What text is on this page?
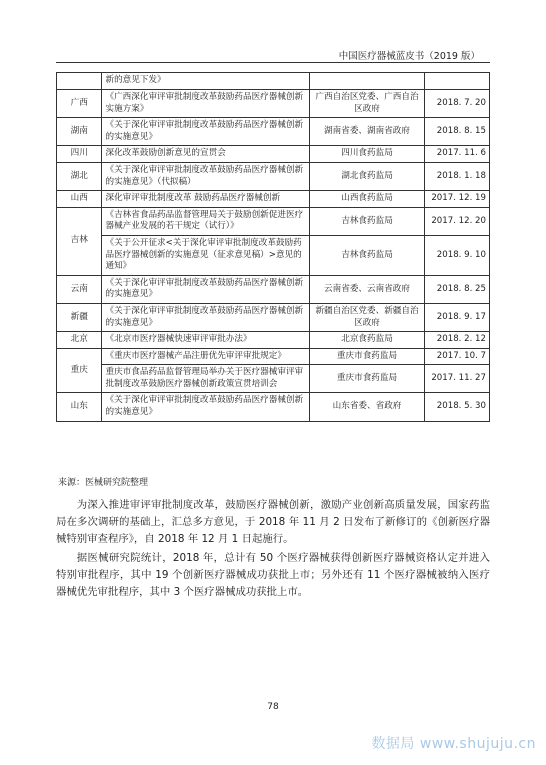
中国医疗器械蓝皮书（2019 版）
	新的意见下发》		
广西	《广西深化审评审批制度改革鼓励药品医疗器械创新实施方案》	广西自治区党委、广西自治区政府	2018. 7. 20
湖南	《关于深化审评审批制度改革鼓励药品医疗器械创新的实施意见》	湖南省委、湖南省政府	2018. 8. 15
四川	深化改革鼓励创新意见的宣贯会	四川食药监局	2017. 11. 6
湖北	《关于深化审评审批制度改革鼓励药品医疗器械创新的实施意见》（代拟稿）	湖北食药监局	2018. 1. 18
山西	深化审评审批制度改革 鼓励药品医疗器械创新	山西食药监局	2017. 12. 19
吉林	《吉林省食品药品监督管理局关于鼓励创新促进医疗器械产业发展的若干规定（试行）》	吉林食药监局	2017. 12. 20
	《关于公开征求<关于深化审评审批制度改革鼓励药品医疗器械创新的实施意见（征求意见稿）>意见的通知》	吉林食药监局	2018. 9. 10
云南	《关于深化审评审批制度改革鼓励药品医疗器械创新的实施意见》	云南省委、云南省政府	2018. 8. 25
新疆	《关于深化审评审批制度改革鼓励药品医疗器械创新的实施意见》	新疆自治区党委、新疆自治区政府	2018. 9. 17
北京	《北京市医疗器械快速审评审批办法》	北京食药监局	2018. 2. 12
重庆	《重庆市医疗器械产品注册优先审评审批规定》	重庆市食药监局	2017. 10. 7
	重庆市食品药品监督管理局举办关于医疗器械审评审批制度改革鼓励医疗器械创新政策宣贯培训会	重庆市食药监局	2017. 11. 27
山东	《关于深化审评审批制度改革鼓励药品医疗器械创新的实施意见》	山东省委、省政府	2018. 5. 30
来源：医械研究院整理

为深入推进审评审批制度改革，鼓励医疗器械创新，激励产业创新高质量发展，国家药监局在多次调研的基础上，汇总多方意见，于 2018 年 11 月 2 日发布了新修订的《创新医疗器械特别审查程序》，自 2018 年 12 月 1 日起施行。

据医械研究院统计，2018 年，总计有 50 个医疗器械获得创新医疗器械资格认定并进入特别审批程序，其中 19 个创新医疗器械成功获批上市；另外还有 11 个医疗器械被纳入医疗器械优先审批程序，其中 3 个医疗器械成功获批上市。

78
数据局 www.shujuju.cn
